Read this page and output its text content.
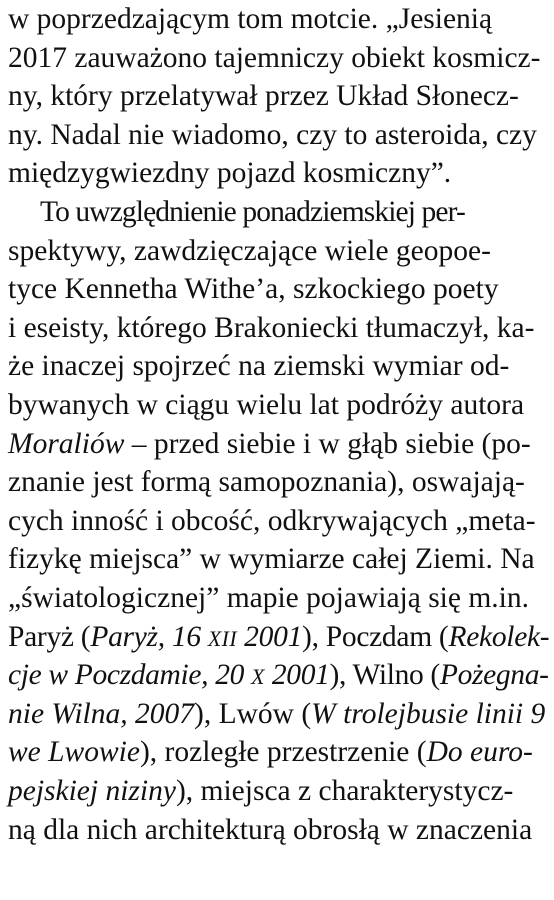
w poprzedzającym tom motcie. „Jesienią
2017 zauważono tajemniczy obiekt kosmicz-
ny, który przelatywał przez Układ Słonecz-
ny. Nadal nie wiadomo, czy to asteroida, czy
międzygwiezdny pojazd kosmiczny”.
To uwzględnienie ponadziemskiej per-
spektywy, zawdzięczające wiele geopoe-
tyce Kennetha Withe’a, szkockiego poety
i eseisty, którego Brakoniecki tłumaczył, ka-
że inaczej spojrzeć na ziemski wymiar od-
bywanych w ciągu wielu lat podróży autora
Moraliów – przed siebie i w głąb siebie (po-
znanie jest formą samopoznania), oswajają-
cych inność i obcość, odkrywających „meta-
fizykę miejsca” w wymiarze całej Ziemi. Na
„światologicznej” mapie pojawiają się m.in.
Paryż (Paryż, 16 XII 2001), Poczdam (Rekolek-
cje w Poczdamie, 20 X 2001), Wilno (Pożegna-
nie Wilna, 2007), Lwów (W trolejbusie linii 9
we Lwowie), rozległe przestrzenie (Do euro-
pejskiej niziny), miejsca z charakterystycz-
ną dla nich architekturą obrosłą w znaczenia
